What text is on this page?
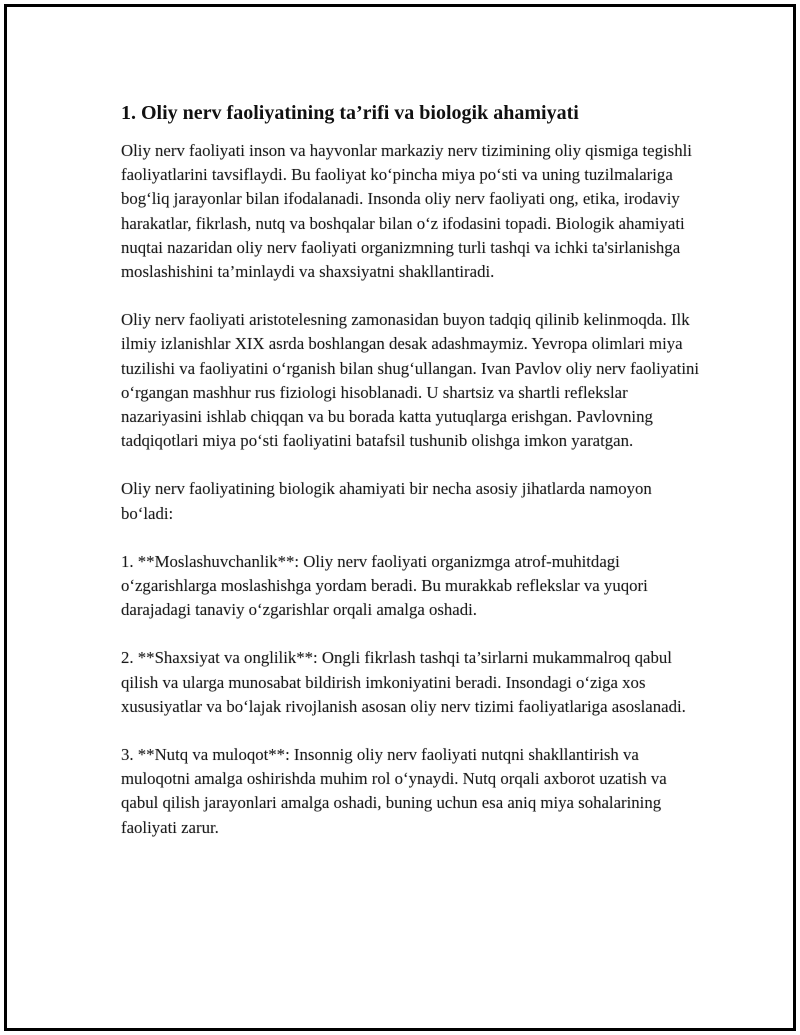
1. Oliy nerv faoliyatining ta’rifi va biologik ahamiyati

Oliy nerv faoliyati inson va hayvonlar markaziy nerv tizimining oliy qismiga tegishli faoliyatlarini tavsiflaydi. Bu faoliyat ko‘pincha miya po‘sti va uning tuzilmalariga bog‘liq jarayonlar bilan ifodalanadi. Insonda oliy nerv faoliyati ong, etika, irodaviy harakatlar, fikrlash, nutq va boshqalar bilan o‘z ifodasini topadi. Biologik ahamiyati nuqtai nazaridan oliy nerv faoliyati organizmning turli tashqi va ichki ta'sirlanishga moslashishini ta’minlaydi va shaxsiyatni shakllantiradi.

Oliy nerv faoliyati aristotelesning zamonasidan buyon tadqiq qilinib kelinmoqda. Ilk ilmiy izlanishlar XIX asrda boshlangan desak adashmaymiz. Yevropa olimlari miya tuzilishi va faoliyatini o‘rganish bilan shug‘ullangan. Ivan Pavlov oliy nerv faoliyatini o‘rgangan mashhur rus fiziologi hisoblanadi. U shartsiz va shartli reflekslar nazariyasini ishlab chiqqan va bu borada katta yutuqlarga erishgan. Pavlovning tadqiqotlari miya po‘sti faoliyatini batafsil tushunib olishga imkon yaratgan.

Oliy nerv faoliyatining biologik ahamiyati bir necha asosiy jihatlarda namoyon bo‘ladi:

1. **Moslashuvchanlik**: Oliy nerv faoliyati organizmga atrof-muhitdagi o‘zgarishlarga moslashishga yordam beradi. Bu murakkab reflekslar va yuqori darajadagi tanaviy o‘zgarishlar orqali amalga oshadi.

2. **Shaxsiyat va onglilik**: Ongli fikrlash tashqi ta’sirlarni mukammalroq qabul qilish va ularga munosabat bildirish imkoniyatini beradi. Insondagi o‘ziga xos xususiyatlar va bo‘lajak rivojlanish asosan oliy nerv tizimi faoliyatlariga asoslanadi.

3. **Nutq va muloqot**: Insonnig oliy nerv faoliyati nutqni shakllantirish va muloqotni amalga oshirishda muhim rol o‘ynaydi. Nutq orqali axborot uzatish va qabul qilish jarayonlari amalga oshadi, buning uchun esa aniq miya sohalarining faoliyati zarur.
